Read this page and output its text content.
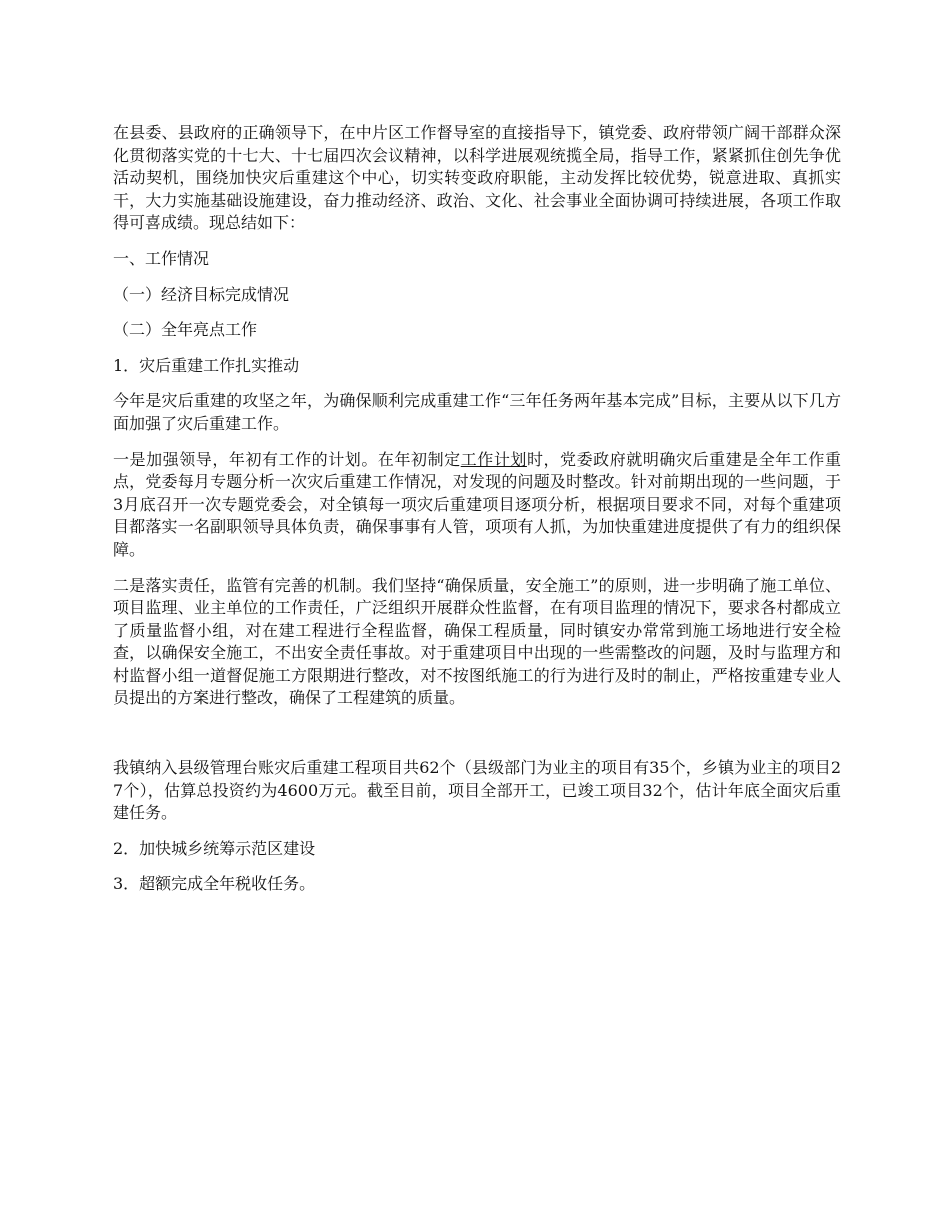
在县委、县政府的正确领导下，在中片区工作督导室的直接指导下，镇党委、政府带领广阔干部群众深化贯彻落实党的十七大、十七届四次会议精神，以科学进展观统揽全局，指导工作，紧紧抓住创先争优活动契机，围绕加快灾后重建这个中心，切实转变政府职能，主动发挥比较优势，锐意进取、真抓实干，大力实施基础设施建设，奋力推动经济、政治、文化、社会事业全面协调可持续进展，各项工作取得可喜成绩。现总结如下：

一、工作情况

（一）经济目标完成情况

（二）全年亮点工作

1．灾后重建工作扎实推动

今年是灾后重建的攻坚之年，为确保顺利完成重建工作“三年任务两年基本完成”目标，主要从以下几方面加强了灾后重建工作。

一是加强领导，年初有工作的计划。在年初制定工作计划时，党委政府就明确灾后重建是全年工作重点，党委每月专题分析一次灾后重建工作情况，对发现的问题及时整改。针对前期出现的一些问题，于3月底召开一次专题党委会，对全镇每一项灾后重建项目逐项分析，根据项目要求不同，对每个重建项目都落实一名副职领导具体负责，确保事事有人管，项项有人抓，为加快重建进度提供了有力的组织保障。

二是落实责任，监管有完善的机制。我们坚持“确保质量，安全施工”的原则，进一步明确了施工单位、项目监理、业主单位的工作责任，广泛组织开展群众性监督，在有项目监理的情况下，要求各村都成立了质量监督小组，对在建工程进行全程监督，确保工程质量，同时镇安办常常到施工场地进行安全检查，以确保安全施工，不出安全责任事故。对于重建项目中出现的一些需整改的问题，及时与监理方和村监督小组一道督促施工方限期进行整改，对不按图纸施工的行为进行及时的制止，严格按重建专业人员提出的方案进行整改，确保了工程建筑的质量。

我镇纳入县级管理台账灾后重建工程项目共62个（县级部门为业主的项目有35个，乡镇为业主的项目27个），估算总投资约为4600万元。截至目前，项目全部开工，已竣工项目32个，估计年底全面灾后重建任务。

2．加快城乡统筹示范区建设

3．超额完成全年税收任务。
